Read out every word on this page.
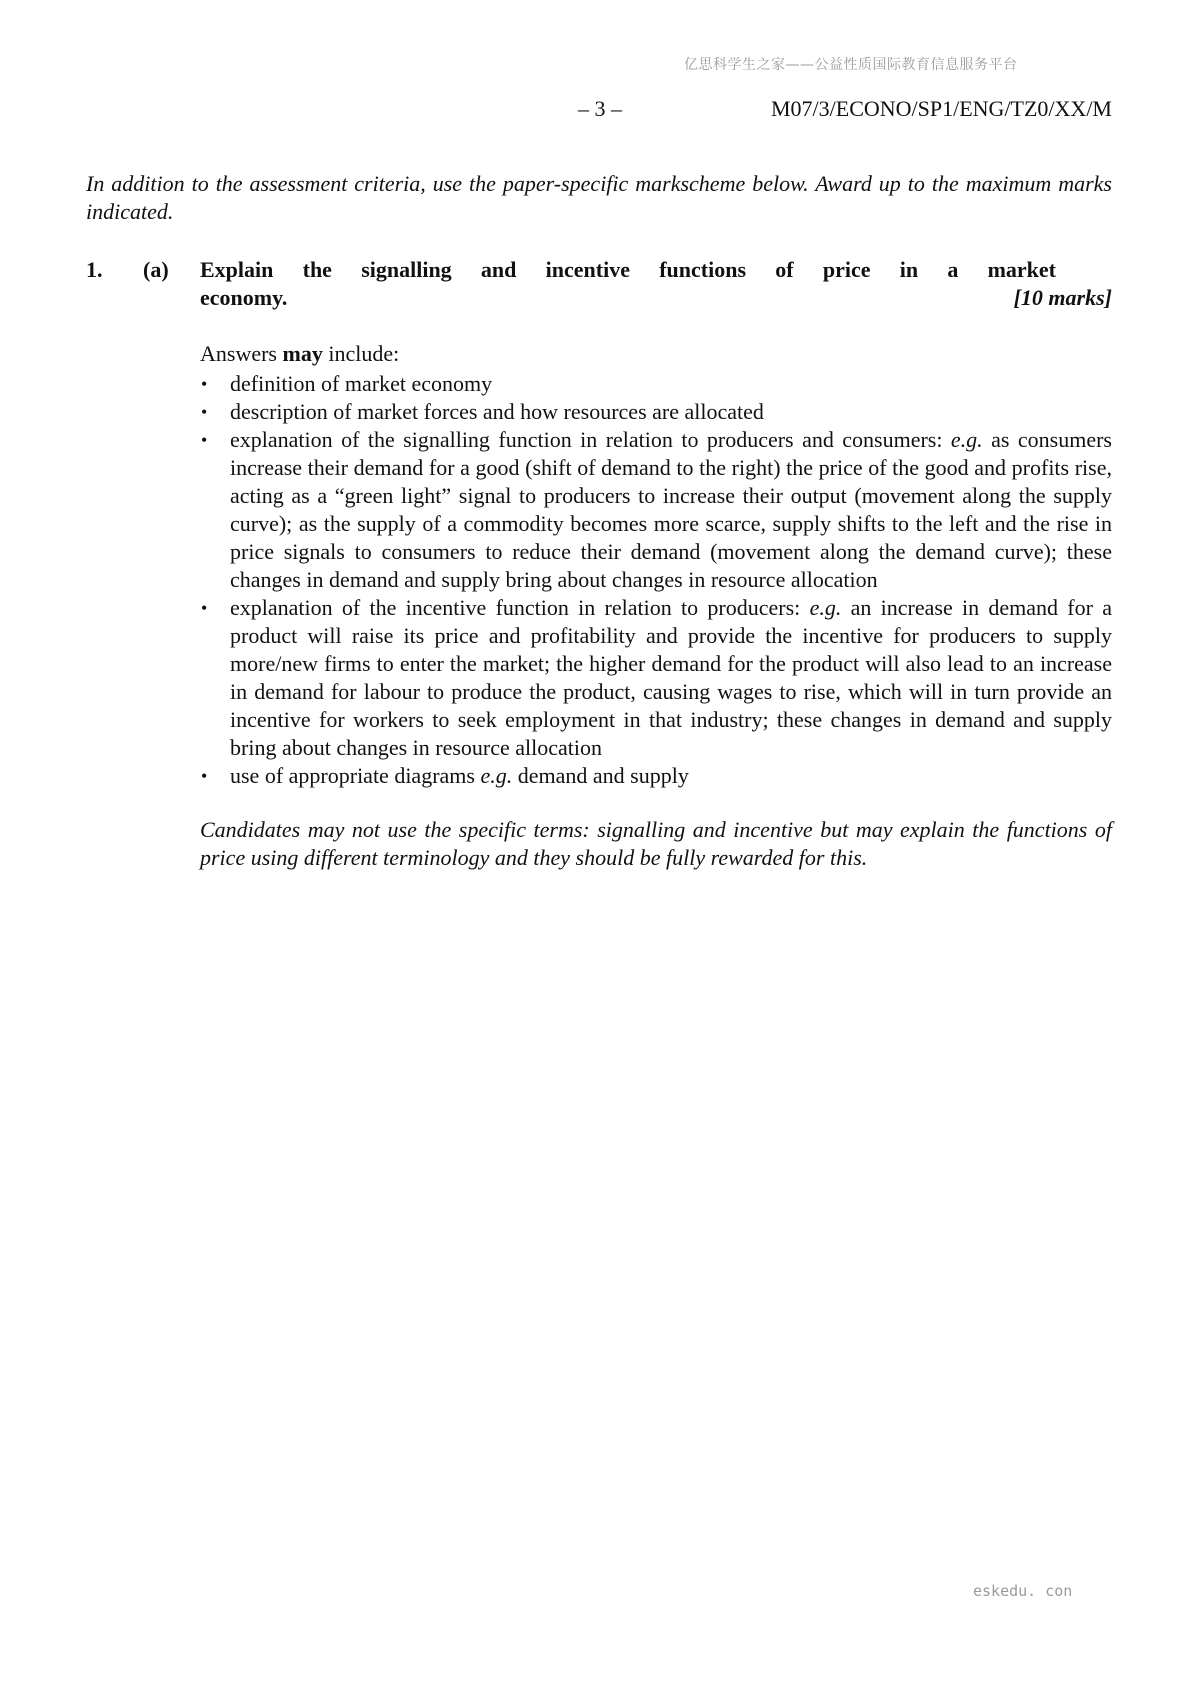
亿思科学生之家——公益性质国际教育信息服务平台
– 3 –	M07/3/ECONO/SP1/ENG/TZ0/XX/M

In addition to the assessment criteria, use the paper-specific markscheme below. Award up to the maximum marks indicated.

1. (a) Explain the signalling and incentive functions of price in a market
economy.	[10 marks]

Answers may include:

• definition of market economy
• description of market forces and how resources are allocated
• explanation of the signalling function in relation to producers and consumers: e.g. as consumers increase their demand for a good (shift of demand to the right) the price of the good and profits rise, acting as a “green light” signal to producers to increase their output (movement along the supply curve); as the supply of a commodity becomes more scarce, supply shifts to the left and the rise in price signals to consumers to reduce their demand (movement along the demand curve); these changes in demand and supply bring about changes in resource allocation
• explanation of the incentive function in relation to producers: e.g. an increase in demand for a product will raise its price and profitability and provide the incentive for producers to supply more/new firms to enter the market; the higher demand for the product will also lead to an increase in demand for labour to produce the product, causing wages to rise, which will in turn provide an incentive for workers to seek employment in that industry; these changes in demand and supply bring about changes in resource allocation
• use of appropriate diagrams e.g. demand and supply

Candidates may not use the specific terms: signalling and incentive but may explain the functions of price using different terminology and they should be fully rewarded for this.

eskedu. con
